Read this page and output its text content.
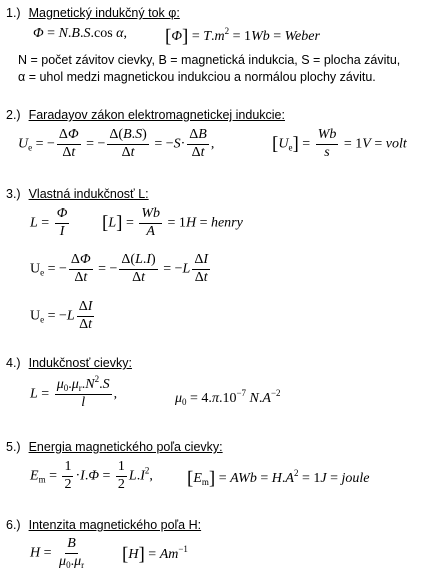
1.) Magnetický indukčný tok φ:
Φ = N.B.S.cos α, $[\Phi] = T.m^2 = 1Wb$ = Weber
N = počet závitov cievky, B = magnetická indukcia, S = plocha závitu,
α = uhol medzi magnetickou indukciou a normálou plochy závitu.
2.) Faradayov zákon elektromagnetickej indukcie:
$U_e$ = − $\frac{\Delta\Phi}{\Delta t}$ = − $\frac{\Delta(B.S)}{\Delta t} = -S\cdot \frac{\Delta B}{\Delta t}$ ,	$[U_e] = \frac{Wb}{s} = 1V$ = volt
3.) Vlastná indukčnosť L:
$L = \frac{\Phi}{I} [L] = \frac{Wb}{A} = 1H$ = henry
$U_e$ = − $\frac{\Delta\Phi}{\Delta t}$ = − $\frac{\Delta(L.I)}{\Delta t} = -L \frac{\Delta I}{\Delta t}$
$U_e = -L \frac{\Delta I}{\Delta t}$
4.) Indukčnosť cievky:
$L = \frac{\mu_0.\mu_r.N^2.S}{l}$ ,	$\mu_0 = 4.\pi.10^{-7}$ $N.A^{-2}$
5.) Energia magnetického poľa cievky:
$E_m = \frac{1}{2} \cdot I.\Phi = \frac{1}{2} L.I^2$, $[E_m]$ = AWb = $H.A^2 = 1J$ = joule
6.) Intenzita magnetického poľa H:
$H = \frac{B}{\mu_0.\mu_r} [H] = Am^{-1}$
